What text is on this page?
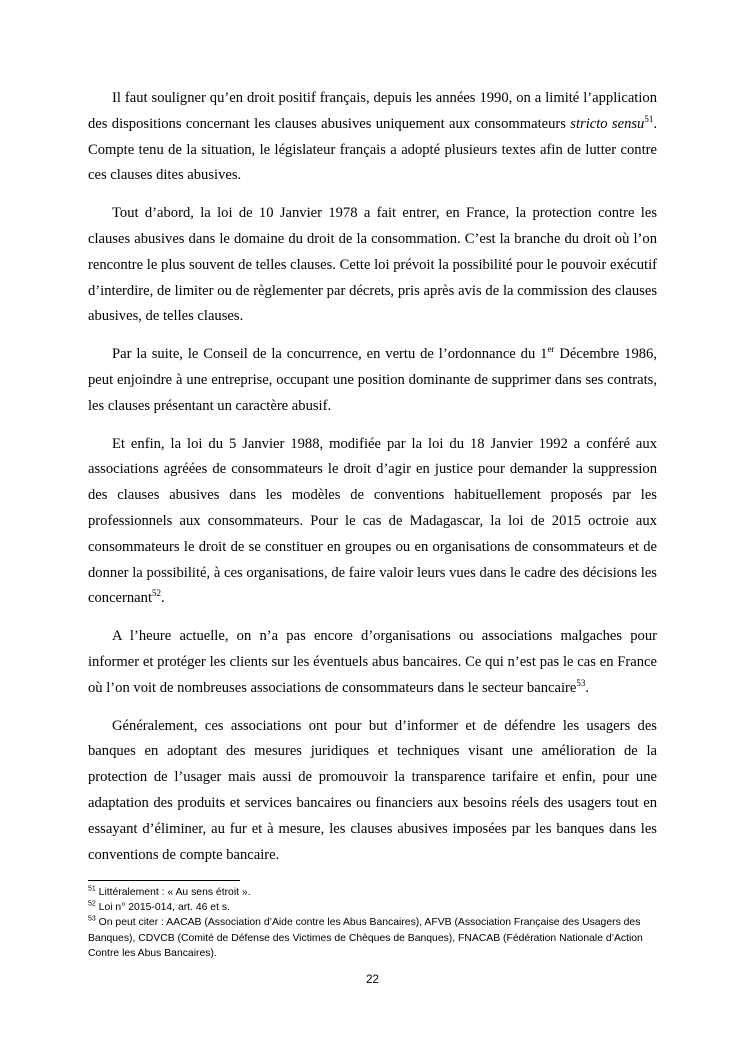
Il faut souligner qu’en droit positif français, depuis les années 1990, on a limité l’application des dispositions concernant les clauses abusives uniquement aux consommateurs stricto sensu$^{51}$. Compte tenu de la situation, le législateur français a adopté plusieurs textes afin de lutter contre ces clauses dites abusives.

Tout d’abord, la loi de 10 Janvier 1978 a fait entrer, en France, la protection contre les clauses abusives dans le domaine du droit de la consommation. C’est la branche du droit où l’on rencontre le plus souvent de telles clauses. Cette loi prévoit la possibilité pour le pouvoir exécutif d’interdire, de limiter ou de règlementer par décrets, pris après avis de la commission des clauses abusives, de telles clauses.

Par la suite, le Conseil de la concurrence, en vertu de l’ordonnance du 1er Décembre 1986, peut enjoindre à une entreprise, occupant une position dominante de supprimer dans ses contrats, les clauses présentant un caractère abusif.

Et enfin, la loi du 5 Janvier 1988, modifiée par la loi du 18 Janvier 1992 a conféré aux associations agréées de consommateurs le droit d’agir en justice pour demander la suppression des clauses abusives dans les modèles de conventions habituellement proposés par les professionnels aux consommateurs. Pour le cas de Madagascar, la loi de 2015 octroie aux consommateurs le droit de se constituer en groupes ou en organisations de consommateurs et de donner la possibilité, à ces organisations, de faire valoir leurs vues dans le cadre des décisions les concernant$^{52}$.

A l’heure actuelle, on n’a pas encore d’organisations ou associations malgaches pour informer et protéger les clients sur les éventuels abus bancaires. Ce qui n’est pas le cas en France où l’on voit de nombreuses associations de consommateurs dans le secteur bancaire$^{53}$.

Généralement, ces associations ont pour but d’informer et de défendre les usagers des banques en adoptant des mesures juridiques et techniques visant une amélioration de la protection de l’usager mais aussi de promouvoir la transparence tarifaire et enfin, pour une adaptation des produits et services bancaires ou financiers aux besoins réels des usagers tout en essayant d’éliminer, au fur et à mesure, les clauses abusives imposées par les banques dans les conventions de compte bancaire.

$^{51}$ Littéralement : « Au sens étroit ».

$^{52}$ Loi n° 2015-014, art. 46 et s.

$^{53}$ On peut citer : AACAB (Association d’Aide contre les Abus Bancaires), AFVB (Association Française des Usagers des Banques), CDVCB (Comité de Défense des Victimes de Chèques de Banques), FNACAB (Fédération Nationale d’Action Contre les Abus Bancaires).

22
